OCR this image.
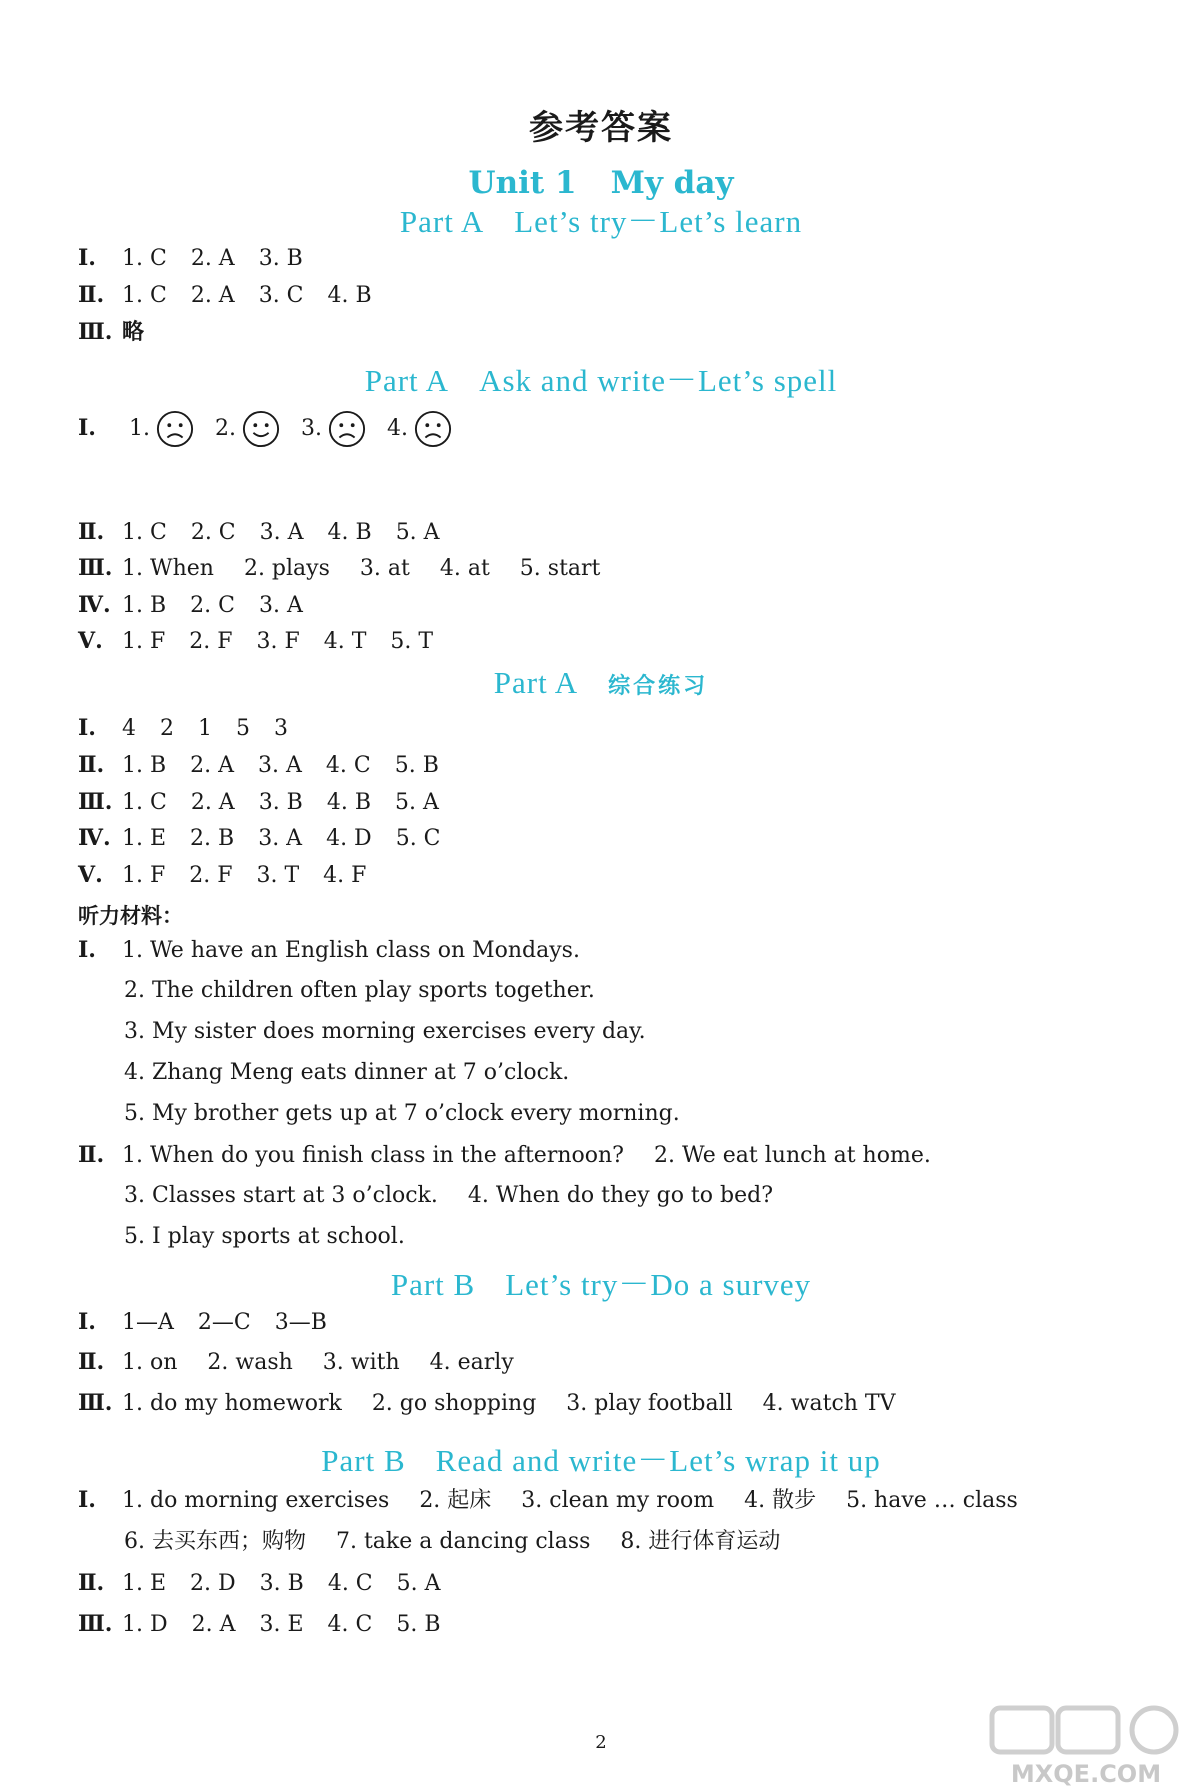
参考答案
Unit 1 My day
Part A Let’s try－Let’s learn
Ⅰ. 1. C 2. A 3. B
Ⅱ. 1. C 2. A 3. C 4. B
Ⅲ. 略
Part A Ask and write－Let’s spell
Ⅰ. 1.	2.	3.	4.
Ⅱ. 1. C 2. C 3. A 4. B 5. A
Ⅲ. 1. When 2. plays 3. at 4. at 5. start
Ⅳ. 1. B 2. C 3. A
Ⅴ. 1. F 2. F 3. F 4. T 5. T
Part A 综合练习
Ⅰ. 4 2 1 5 3
Ⅱ. 1. B 2. A 3. A 4. C 5. B
Ⅲ. 1. C 2. A 3. B 4. B 5. A
Ⅳ. 1. E 2. B 3. A 4. D 5. C
Ⅴ. 1. F 2. F 3. T 4. F
听力材料：
Ⅰ. 1. We have an English class on Mondays.
2. The children often play sports together.
3. My sister does morning exercises every day.
4. Zhang Meng eats dinner at 7 o’clock.
5. My brother gets up at 7 o’clock every morning.
Ⅱ. 1. When do you finish class in the afternoon? 2. We eat lunch at home.
3. Classes start at 3 o’clock. 4. When do they go to bed?
5. I play sports at school.
Part B Let’s try－Do a survey
Ⅰ. 1—A 2—C 3—B
Ⅱ. 1. on 2. wash 3. with 4. early
Ⅲ. 1. do my homework 2. go shopping 3. play football 4. watch TV
Part B Read and write－Let’s wrap it up
Ⅰ. 1. do morning exercises 2. 起床 3. clean my room 4. 散步 5. have … class
6. 去买东西；购物 7. take a dancing class 8. 进行体育运动
Ⅱ. 1. E 2. D 3. B 4. C 5. A
Ⅲ. 1. D 2. A 3. E 4. C 5. B
2
MXQE.COM
